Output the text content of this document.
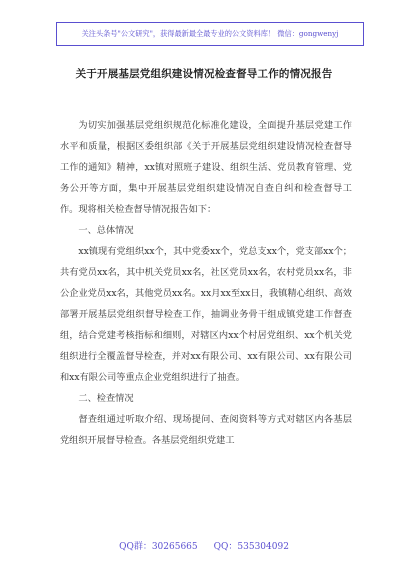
关注头条号"公文研究"，获得最新最全最专业的公文资料库！ 微信：gongwenyj
关于开展基层党组织建设情况检查督导工作的情况报告

为切实加强基层党组织规范化标准化建设，全面提升基层党建工作水平和质量，根据区委组织部《关于开展基层党组织建设情况检查督导工作的通知》精神，xx镇对照班子建设、组织生活、党员教育管理、党务公开等方面，集中开展基层党组织建设情况自查自纠和检查督导工作。现将相关检查督导情况报告如下：

一、总体情况

xx镇现有党组织xx个，其中党委xx个，党总支xx个，党支部xx个；共有党员xx名，其中机关党员xx名，社区党员xx名，农村党员xx名，非公企业党员xx名，其他党员xx名。xx月xx至xx日，我镇精心组织、高效部署开展基层党组织督导检查工作，抽调业务骨干组成镇党建工作督查组，结合党建考核指标和细则，对辖区内xx个村居党组织、xx个机关党组织进行全覆盖督导检查，并对xx有限公司、xx有限公司、xx有限公司和xx有限公司等重点企业党组织进行了抽查。

二、检查情况

督查组通过听取介绍、现场提问、查阅资料等方式对辖区内各基层党组织开展督导检查。各基层党组织党建工

QQ群：30265665 QQ：535304092
